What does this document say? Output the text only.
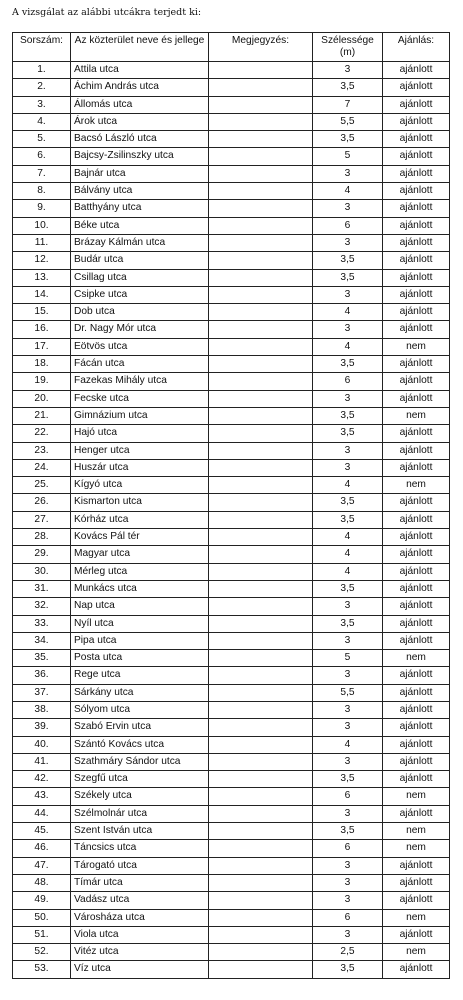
A vizsgálat az alábbi utcákra terjedt ki:
Sorszám:	Az közterület neve és jellege	Megjegyzés:	Szélessége (m)	Ajánlás:
1.	Attila utca		3	ajánlott
2.	Áchim András utca		3,5	ajánlott
3.	Állomás utca		7	ajánlott
4.	Árok utca		5,5	ajánlott
5.	Bacsó László utca		3,5	ajánlott
6.	Bajcsy-Zsilinszky utca		5	ajánlott
7.	Bajnár utca		3	ajánlott
8.	Bálvány utca		4	ajánlott
9.	Batthyány utca		3	ajánlott
10.	Béke utca		6	ajánlott
11.	Brázay Kálmán utca		3	ajánlott
12.	Budár utca		3,5	ajánlott
13.	Csillag utca		3,5	ajánlott
14.	Csipke utca		3	ajánlott
15.	Dob utca		4	ajánlott
16.	Dr. Nagy Mór utca		3	ajánlott
17.	Eötvös utca		4	nem
18.	Fácán utca		3,5	ajánlott
19.	Fazekas Mihály utca		6	ajánlott
20.	Fecske utca		3	ajánlott
21.	Gimnázium utca		3,5	nem
22.	Hajó utca		3,5	ajánlott
23.	Henger utca		3	ajánlott
24.	Huszár utca		3	ajánlott
25.	Kígyó utca		4	nem
26.	Kismarton utca		3,5	ajánlott
27.	Kórház utca		3,5	ajánlott
28.	Kovács Pál tér		4	ajánlott
29.	Magyar utca		4	ajánlott
30.	Mérleg utca		4	ajánlott
31.	Munkács utca		3,5	ajánlott
32.	Nap utca		3	ajánlott
33.	Nyíl utca		3,5	ajánlott
34.	Pipa utca		3	ajánlott
35.	Posta utca		5	nem
36.	Rege utca		3	ajánlott
37.	Sárkány utca		5,5	ajánlott
38.	Sólyom utca		3	ajánlott
39.	Szabó Ervin utca		3	ajánlott
40.	Szántó Kovács utca		4	ajánlott
41.	Szathmáry Sándor utca		3	ajánlott
42.	Szegfű utca		3,5	ajánlott
43.	Székely utca		6	nem
44.	Szélmolnár utca		3	ajánlott
45.	Szent István utca		3,5	nem
46.	Táncsics utca		6	nem
47.	Tárogató utca		3	ajánlott
48.	Tímár utca		3	ajánlott
49.	Vadász utca		3	ajánlott
50.	Városháza utca		6	nem
51.	Viola utca		3	ajánlott
52.	Vitéz utca		2,5	nem
53.	Víz utca		3,5	ajánlott
